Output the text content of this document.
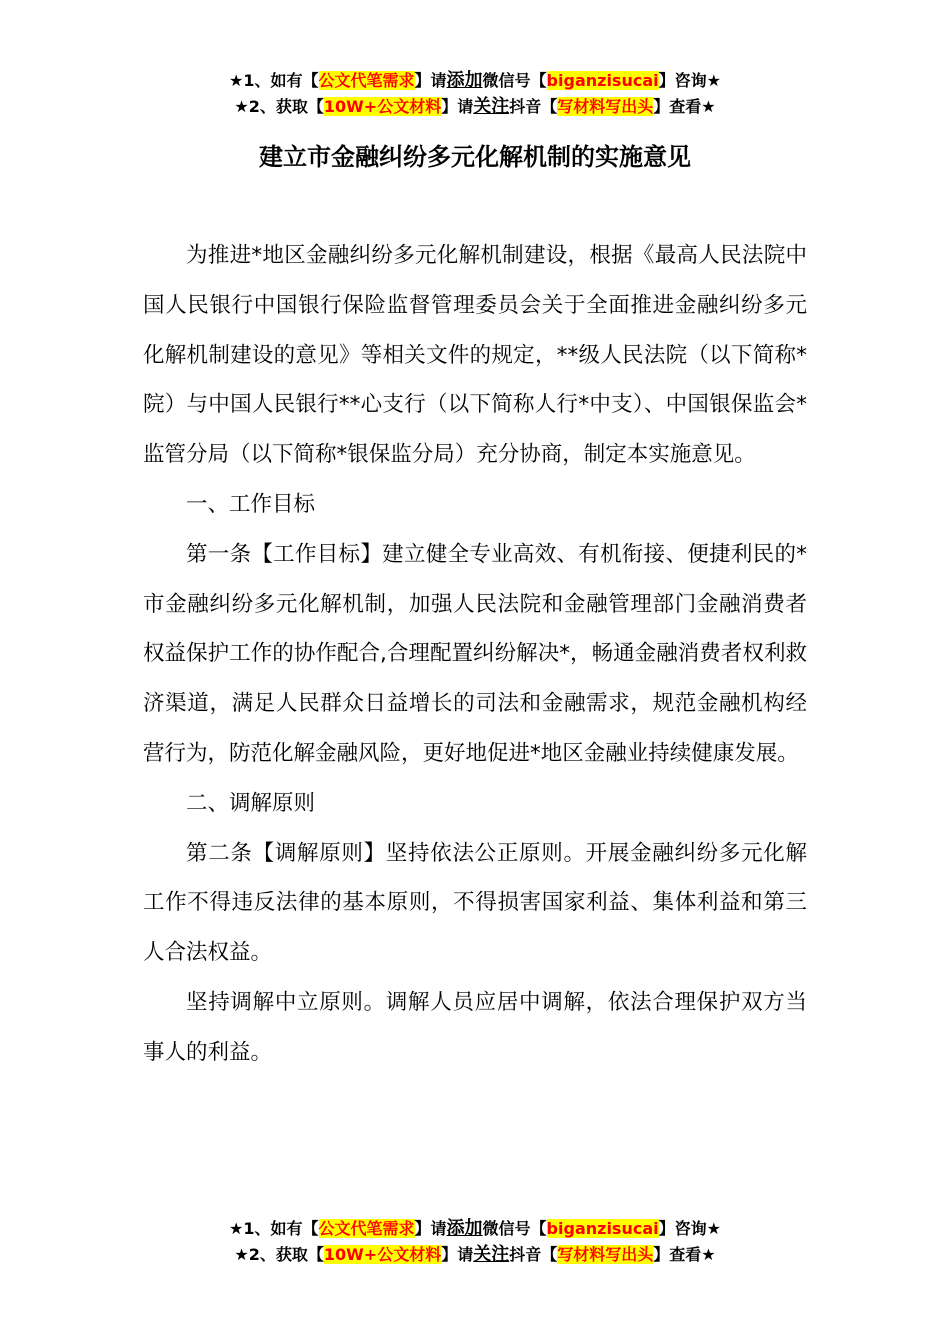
★1、如有【公文代笔需求】请添加微信号【biganzisucai】咨询★
★2、获取【10W+公文材料】请关注抖音【写材料写出头】查看★
建立市金融纠纷多元化解机制的实施意见

为推进*地区金融纠纷多元化解机制建设，根据《最高人民法院中国人民银行中国银行保险监督管理委员会关于全面推进金融纠纷多元化解机制建设的意见》等相关文件的规定，**级人民法院（以下简称*院）与中国人民银行**心支行（以下简称人行*中支）、中国银保监会*监管分局（以下简称*银保监分局）充分协商，制定本实施意见。

一、工作目标

第一条【工作目标】建立健全专业高效、有机衔接、便捷利民的*市金融纠纷多元化解机制，加强人民法院和金融管理部门金融消费者权益保护工作的协作配合,合理配置纠纷解决*，畅通金融消费者权利救济渠道，满足人民群众日益增长的司法和金融需求，规范金融机构经营行为，防范化解金融风险，更好地促进*地区金融业持续健康发展。

二、调解原则

第二条【调解原则】坚持依法公正原则。开展金融纠纷多元化解工作不得违反法律的基本原则，不得损害国家利益、集体利益和第三人合法权益。

坚持调解中立原则。调解人员应居中调解，依法合理保护双方当事人的利益。

★1、如有【公文代笔需求】请添加微信号【biganzisucai】咨询★
★2、获取【10W+公文材料】请关注抖音【写材料写出头】查看★
